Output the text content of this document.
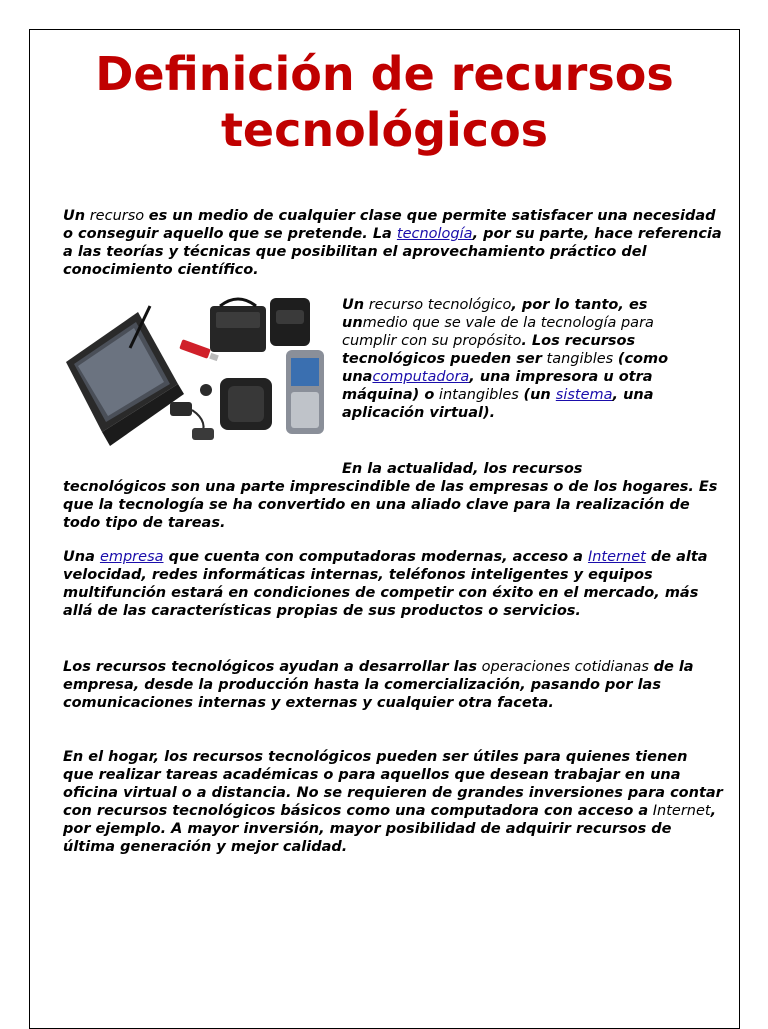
Definición de recursos
tecnológicos

Un recurso es un medio de cualquier clase que permite satisfacer una necesidad o conseguir aquello que se pretende. La tecnología, por su parte, hace referencia a las teorías y técnicas que posibilitan el aprovechamiento práctico del conocimiento científico.

Un recurso tecnológico, por lo tanto, es unmedio que se vale de la tecnología para cumplir con su propósito. Los recursos tecnológicos pueden ser tangibles (como unacomputadora, una impresora u otra máquina) o intangibles (un sistema, una aplicación virtual).

En la actualidad, los recursos
tecnológicos son una parte imprescindible de las empresas o de los hogares. Es que la tecnología se ha convertido en una aliado clave para la realización de todo tipo de tareas.

Una empresa que cuenta con computadoras modernas, acceso a Internet de alta velocidad, redes informáticas internas, teléfonos inteligentes y equipos multifunción estará en condiciones de competir con éxito en el mercado, más allá de las características propias de sus productos o servicios.

Los recursos tecnológicos ayudan a desarrollar las operaciones cotidianas de la empresa, desde la producción hasta la comercialización, pasando por las comunicaciones internas y externas y cualquier otra faceta.

En el hogar, los recursos tecnológicos pueden ser útiles para quienes tienen que realizar tareas académicas o para aquellos que desean trabajar en una oficina virtual o a distancia. No se requieren de grandes inversiones para contar con recursos tecnológicos básicos como una computadora con acceso a Internet, por ejemplo. A mayor inversión, mayor posibilidad de adquirir recursos de última generación y mejor calidad.
